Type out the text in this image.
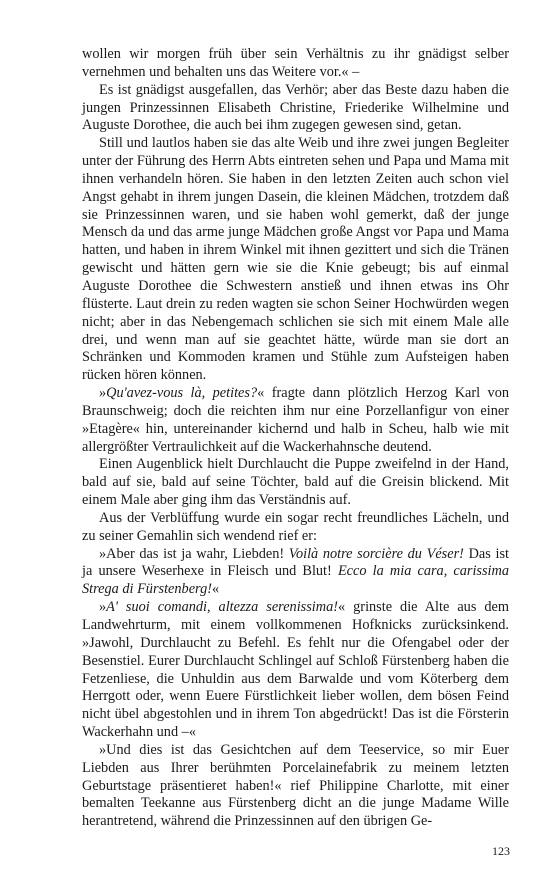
wollen wir morgen früh über sein Verhältnis zu ihr gnädigst selber vernehmen und behalten uns das Weitere vor.« –

Es ist gnädigst ausgefallen, das Verhör; aber das Beste dazu haben die jungen Prinzessinnen Elisabeth Christine, Friederike Wilhelmine und Auguste Dorothee, die auch bei ihm zugegen gewesen sind, getan.

Still und lautlos haben sie das alte Weib und ihre zwei jungen Begleiter unter der Führung des Herrn Abts eintreten sehen und Papa und Mama mit ihnen verhandeln hören. Sie haben in den letzten Zeiten auch schon viel Angst gehabt in ihrem jungen Dasein, die kleinen Mädchen, trotzdem daß sie Prinzessinnen waren, und sie haben wohl gemerkt, daß der junge Mensch da und das arme junge Mädchen große Angst vor Papa und Mama hatten, und haben in ihrem Winkel mit ihnen gezittert und sich die Tränen gewischt und hätten gern wie sie die Knie gebeugt; bis auf einmal Auguste Dorothee die Schwestern anstieß und ihnen etwas ins Ohr flüsterte. Laut drein zu reden wagten sie schon Seiner Hochwürden wegen nicht; aber in das Nebengemach schlichen sie sich mit einem Male alle drei, und wenn man auf sie geachtet hätte, würde man sie dort an Schränken und Kommoden kramen und Stühle zum Aufsteigen haben rücken hören können.

»Qu'avez-vous là, petites?« fragte dann plötzlich Herzog Karl von Braunschweig; doch die reichten ihm nur eine Porzellanfigur von einer »Etagère« hin, untereinander kichernd und halb in Scheu, halb wie mit allergrößter Vertraulichkeit auf die Wackerhahnsche deutend.

Einen Augenblick hielt Durchlaucht die Puppe zweifelnd in der Hand, bald auf sie, bald auf seine Töchter, bald auf die Greisin blickend. Mit einem Male aber ging ihm das Verständnis auf.

Aus der Verblüffung wurde ein sogar recht freundliches Lächeln, und zu seiner Gemahlin sich wendend rief er:

»Aber das ist ja wahr, Liebden! Voilà notre sorcière du Véser! Das ist ja unsere Weserhexe in Fleisch und Blut! Ecco la mia cara, carissima Strega di Fürstenberg!«

»A' suoi comandi, altezza serenissima!« grinste die Alte aus dem Landwehrturm, mit einem vollkommenen Hofknicks zurücksinkend. »Jawohl, Durchlaucht zu Befehl. Es fehlt nur die Ofengabel oder der Besenstiel. Eurer Durchlaucht Schlingel auf Schloß Fürstenberg haben die Fetzenliese, die Unhuldin aus dem Barwalde und vom Köterberg dem Herrgott oder, wenn Euere Fürstlichkeit lieber wollen, dem bösen Feind nicht übel abgestohlen und in ihrem Ton abgedrückt! Das ist die Försterin Wackerhahn und –«

»Und dies ist das Gesichtchen auf dem Teeservice, so mir Euer Liebden aus Ihrer berühmten Porcelainefabrik zu meinem letzten Geburtstage präsentieret haben!« rief Philippine Charlotte, mit einer bemalten Teekanne aus Fürstenberg dicht an die junge Madame Wille herantretend, während die Prinzessinnen auf den übrigen Ge-

123
